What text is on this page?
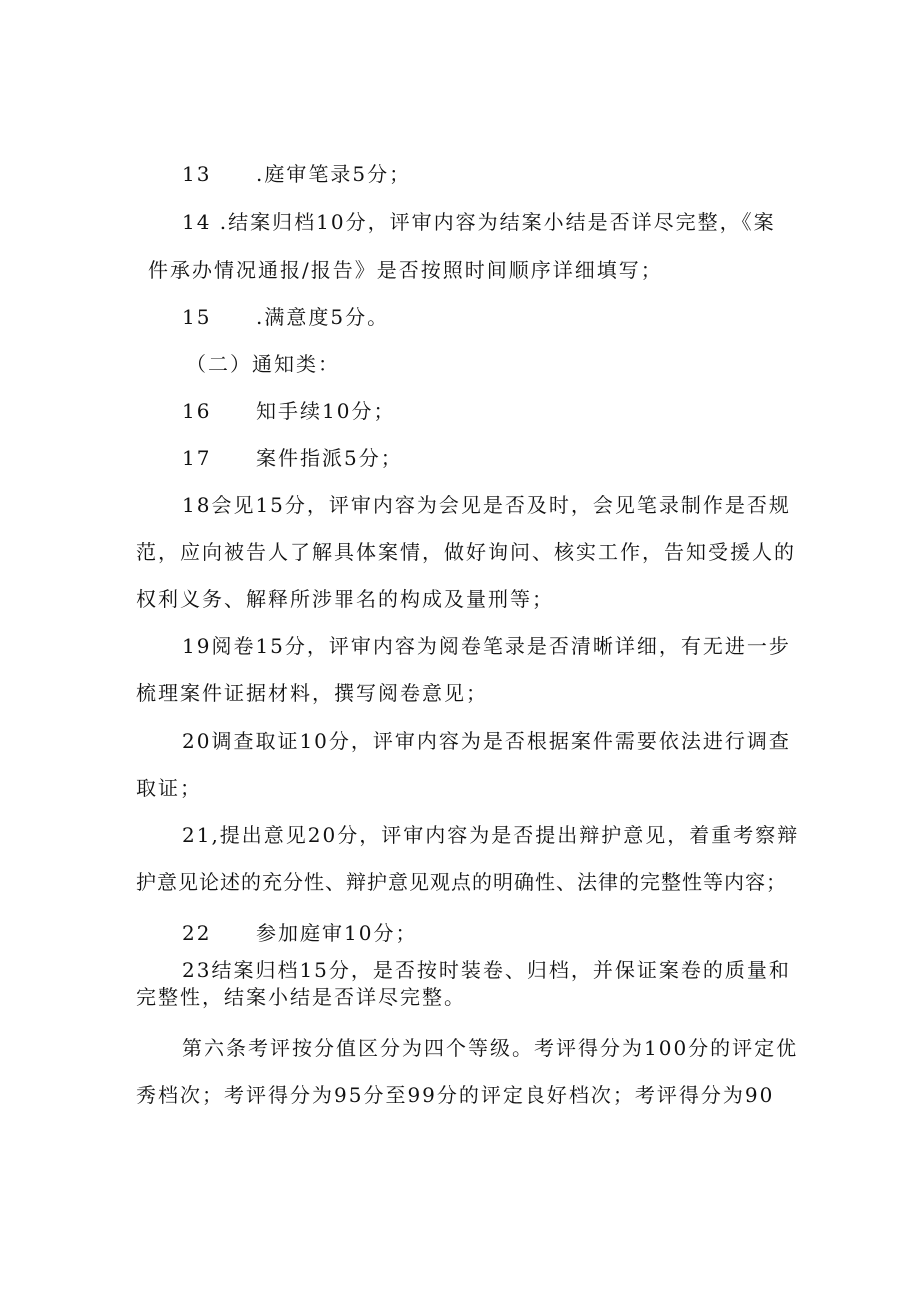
13 .庭审笔录5分；

14 .结案归档10分，评审内容为结案小结是否详尽完整，《案

件承办情况通报/报告》是否按照时间顺序详细填写；

15 .满意度5分。

（二）通知类：

16 知手续10分；

17 案件指派5分；

18会见15分，评审内容为会见是否及时，会见笔录制作是否规

范，应向被告人了解具体案情，做好询问、核实工作，告知受援人的

权利义务、解释所涉罪名的构成及量刑等；

19阅卷15分，评审内容为阅卷笔录是否清晰详细，有无进一步

梳理案件证据材料，撰写阅卷意见；

20调查取证10分，评审内容为是否根据案件需要依法进行调查

取证；

21,提出意见20分，评审内容为是否提出辩护意见，着重考察辩

护意见论述的充分性、辩护意见观点的明确性、法律的完整性等内容；

22 参加庭审10分；

23结案归档15分，是否按时装卷、归档，并保证案卷的质量和

完整性，结案小结是否详尽完整。

第六条考评按分值区分为四个等级。考评得分为100分的评定优

秀档次；考评得分为95分至99分的评定良好档次；考评得分为90
